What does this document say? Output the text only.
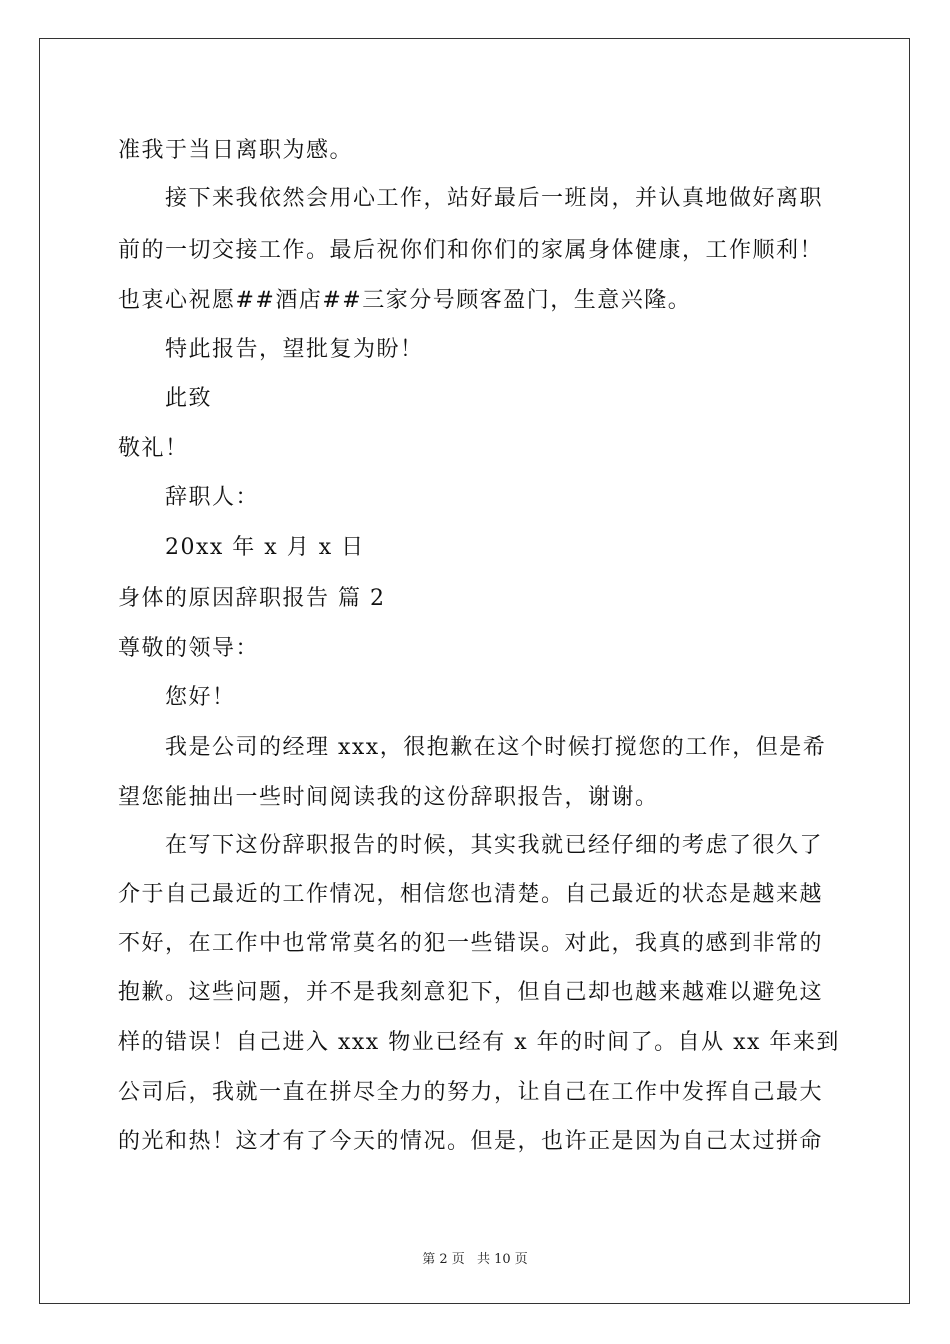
准我于当日离职为感。
接下来我依然会用心工作，站好最后一班岗，并认真地做好离职
前的一切交接工作。最后祝你们和你们的家属身体健康，工作顺利！
也衷心祝愿##酒店##三家分号顾客盈门，生意兴隆。
特此报告，望批复为盼！
此致
敬礼！
辞职人：
20xx 年 x 月 x 日
身体的原因辞职报告 篇 2
尊敬的领导：
您好！
我是公司的经理 xxx，很抱歉在这个时候打搅您的工作，但是希
望您能抽出一些时间阅读我的这份辞职报告，谢谢。
在写下这份辞职报告的时候，其实我就已经仔细的考虑了很久了
介于自己最近的工作情况，相信您也清楚。自己最近的状态是越来越
不好，在工作中也常常莫名的犯一些错误。对此，我真的感到非常的
抱歉。这些问题，并不是我刻意犯下，但自己却也越来越难以避免这
样的错误！自己进入 xxx 物业已经有 x 年的时间了。自从 xx 年来到
公司后，我就一直在拼尽全力的努力，让自己在工作中发挥自己最大
的光和热！这才有了今天的情况。但是，也许正是因为自己太过拼命
第 2 页 共 10 页
